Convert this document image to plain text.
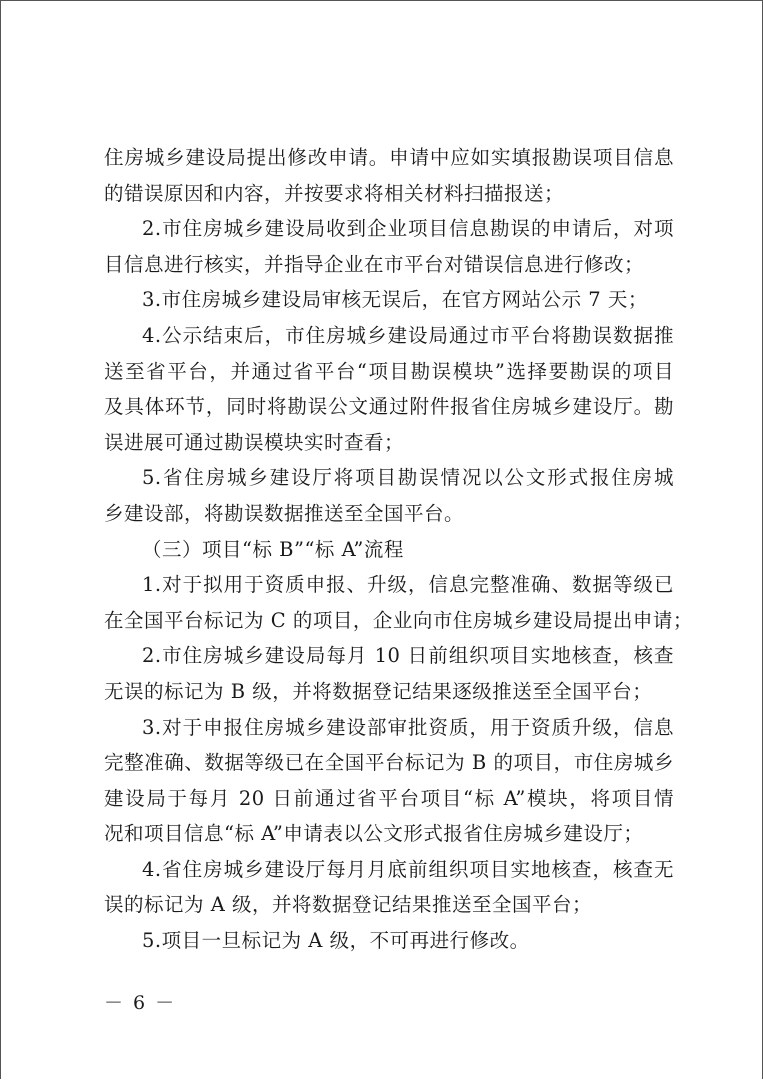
住房城乡建设局提出修改申请。申请中应如实填报勘误项目信息
的错误原因和内容，并按要求将相关材料扫描报送；
2.市住房城乡建设局收到企业项目信息勘误的申请后，对项
目信息进行核实，并指导企业在市平台对错误信息进行修改；
3.市住房城乡建设局审核无误后，在官方网站公示 7 天；
4.公示结束后，市住房城乡建设局通过市平台将勘误数据推
送至省平台，并通过省平台“项目勘误模块”选择要勘误的项目
及具体环节，同时将勘误公文通过附件报省住房城乡建设厅。勘
误进展可通过勘误模块实时查看；
5.省住房城乡建设厅将项目勘误情况以公文形式报住房城
乡建设部，将勘误数据推送至全国平台。
（三）项目“标 B”“标 A”流程
1.对于拟用于资质申报、升级，信息完整准确、数据等级已
在全国平台标记为 C 的项目，企业向市住房城乡建设局提出申请；
2.市住房城乡建设局每月 10 日前组织项目实地核查，核查
无误的标记为 B 级，并将数据登记结果逐级推送至全国平台；
3.对于申报住房城乡建设部审批资质，用于资质升级，信息
完整准确、数据等级已在全国平台标记为 B 的项目，市住房城乡
建设局于每月 20 日前通过省平台项目“标 A”模块，将项目情
况和项目信息“标 A”申请表以公文形式报省住房城乡建设厅；
4.省住房城乡建设厅每月月底前组织项目实地核查，核查无
误的标记为 A 级，并将数据登记结果推送至全国平台；
5.项目一旦标记为 A 级，不可再进行修改。
－ 6 －
